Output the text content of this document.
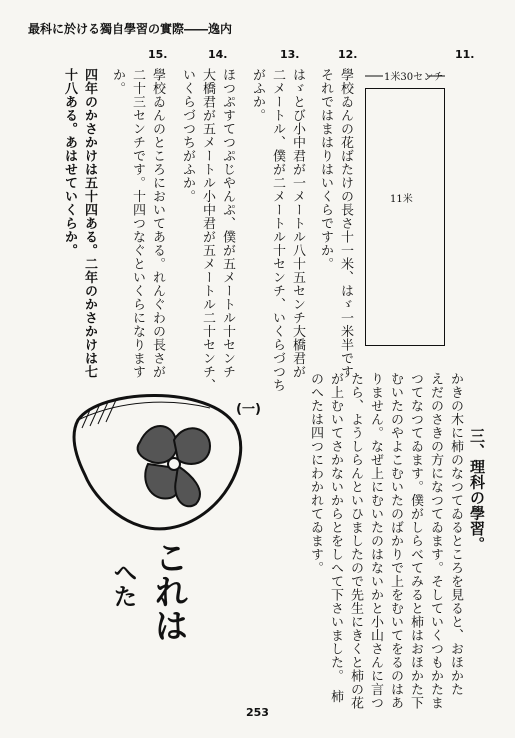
最科に於ける獨自學習の實際――逸内
11.
12.
13.
14.
15.
學校ゐんの花ばたけの長さ十一米、はゞ一米半です
それではまはりはいくらですか。
はゞとび小中君が一メートル八十五センチ大橋君が
二メートル、僕が二メートル十センチ、いくらづつち
がふか。
ほつぷすてつぷじやんぷ、僕が五メートル十センチ
大橋君が五メートル小中君が五メートル二十センチ、
いくらづつちがふか。
學校ゐんのところにおいてある。れんぐわの長さが
二十三センチです。十四つなぐといくらになります
か。
四年のかさかけは五十四ある。二年のかさかけは七
十八ある。あはせていくらか。	1米30センチ
11米
三、理科の學習。
かきの木に柿のなつてゐるところを見ると、おほかた
えだのさきの方になつてゐます。そしていくつもかたま
つてなつてゐます。僕がしらべてみると柿はおほかた下
むいたのやよこむいたのばかりで上をむいてをるのはあ
りません。なぜ上にむいたのはないかと小山さんに言つ
たら、ようしらんといひましたので先生にきくと柿の花
が上むいてさかないからとをしへて下さいました。　柿
のへたは四つにわかれてゐます。
(一)
これは
へた
253
